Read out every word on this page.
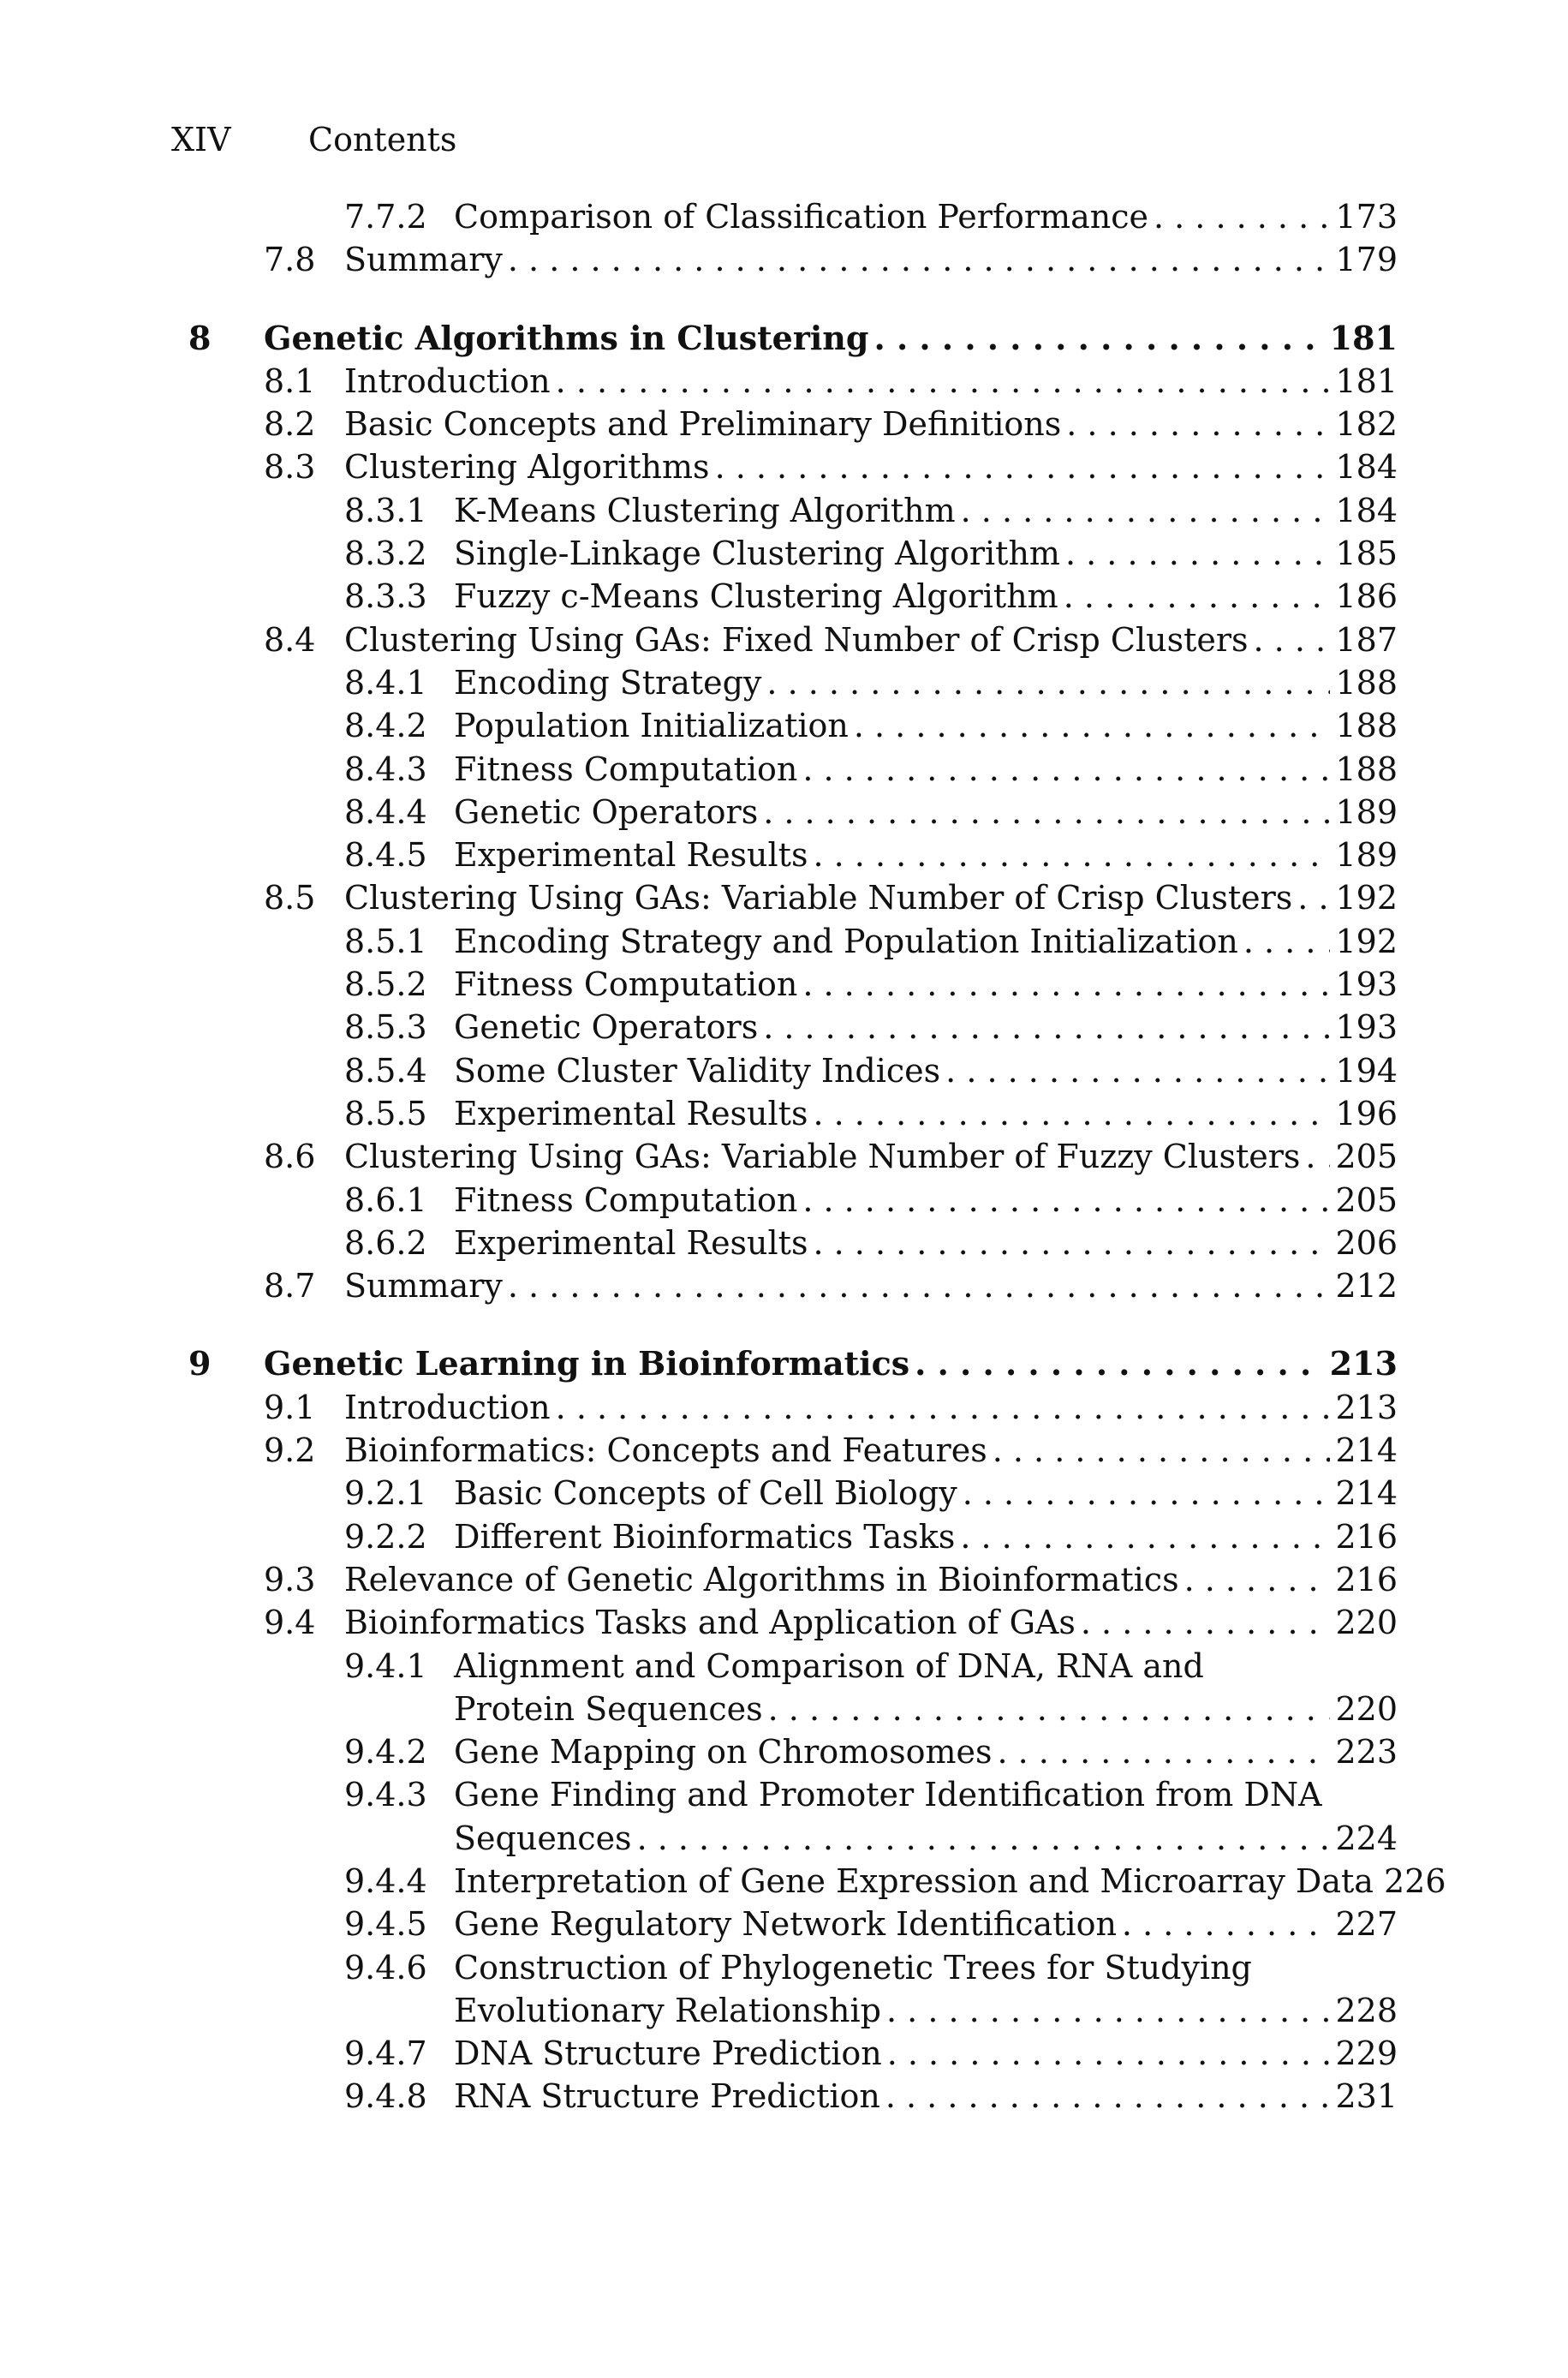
XIV	Contents
7.7.2 Comparison of Classification Performance . . .	173
7.8 Summary . . .	179
8 Genetic Algorithms in Clustering . . .	181
8.1 Introduction . . .	181
8.2 Basic Concepts and Preliminary Definitions . . .	182
8.3 Clustering Algorithms . . .	184
8.3.1 K-Means Clustering Algorithm . . .	184
8.3.2 Single-Linkage Clustering Algorithm . . .	185
8.3.3 Fuzzy c-Means Clustering Algorithm . . .	186
8.4 Clustering Using GAs: Fixed Number of Crisp Clusters . . .	187
8.4.1 Encoding Strategy . . .	188
8.4.2 Population Initialization . . .	188
8.4.3 Fitness Computation . . .	188
8.4.4 Genetic Operators . . .	189
8.4.5 Experimental Results . . .	189
8.5 Clustering Using GAs: Variable Number of Crisp Clusters . . . 192
8.5.1 Encoding Strategy and Population Initialization . . .	192
8.5.2 Fitness Computation . . .	193
8.5.3 Genetic Operators . . .	193
8.5.4 Some Cluster Validity Indices . . .	194
8.5.5 Experimental Results . . .	196
8.6 Clustering Using GAs: Variable Number of Fuzzy Clusters . . . 205
8.6.1 Fitness Computation . . .	205
8.6.2 Experimental Results . . .	206
8.7 Summary . . .	212
9 Genetic Learning in Bioinformatics . . .	213
9.1 Introduction . . .	213
9.2 Bioinformatics: Concepts and Features . . .	214
9.2.1 Basic Concepts of Cell Biology . . .	214
9.2.2 Different Bioinformatics Tasks . . .	216
9.3 Relevance of Genetic Algorithms in Bioinformatics . . .	216
9.4 Bioinformatics Tasks and Application of GAs . . .	220
9.4.1 Alignment and Comparison of DNA, RNA and
Protein Sequences . . .	220
9.4.2 Gene Mapping on Chromosomes . . .	223
9.4.3 Gene Finding and Promoter Identification from DNA
Sequences . . .	224
9.4.4 Interpretation of Gene Expression and Microarray Data 226
9.4.5 Gene Regulatory Network Identification . . .	227
9.4.6 Construction of Phylogenetic Trees for Studying
Evolutionary Relationship . . .	228
9.4.7 DNA Structure Prediction . . .	229
9.4.8 RNA Structure Prediction . . .	231
